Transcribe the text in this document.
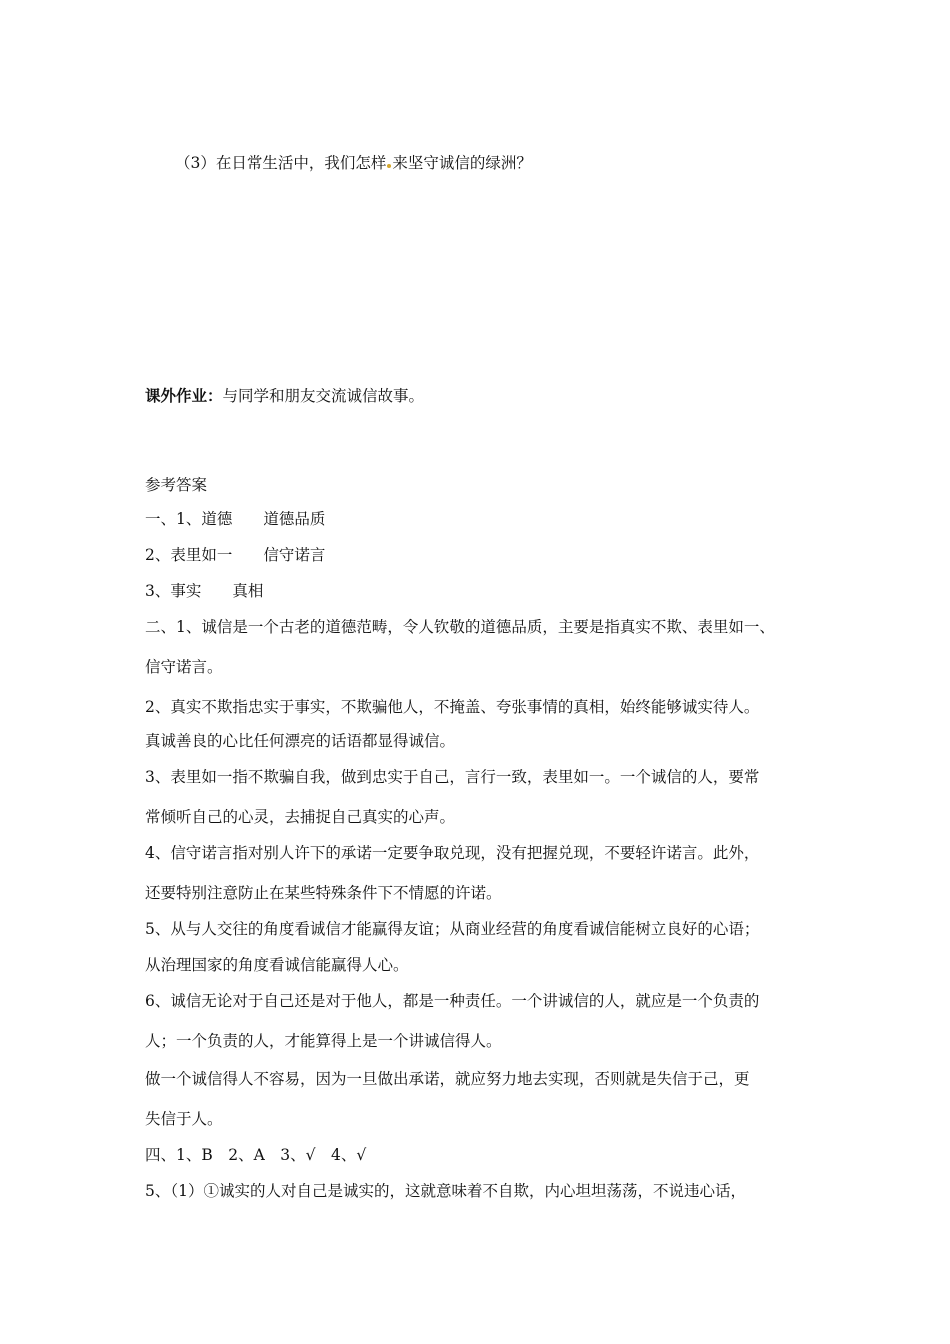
（3）在日常生活中，我们怎样 来坚守诚信的绿洲？
课外作业：与同学和朋友交流诚信故事。
参考答案
一、1、道德　　道德品质
2、表里如一　　信守诺言
3、事实　　真相
二、1、诚信是一个古老的道德范畴，令人钦敬的道德品质，主要是指真实不欺、表里如一、
信守诺言。
2、真实不欺指忠实于事实，不欺骗他人，不掩盖、夸张事情的真相，始终能够诚实待人。
真诚善良的心比任何漂亮的话语都显得诚信。
3、表里如一指不欺骗自我，做到忠实于自己，言行一致，表里如一。一个诚信的人，要常
常倾听自己的心灵，去捕捉自己真实的心声。
4、信守诺言指对别人许下的承诺一定要争取兑现，没有把握兑现，不要轻许诺言。此外，
还要特别注意防止在某些特殊条件下不情愿的许诺。
5、从与人交往的角度看诚信才能赢得友谊；从商业经营的角度看诚信能树立良好的心语；
从治理国家的角度看诚信能赢得人心。
6、诚信无论对于自己还是对于他人，都是一种责任。一个讲诚信的人，就应是一个负责的
人；一个负责的人，才能算得上是一个讲诚信得人。
做一个诚信得人不容易，因为一旦做出承诺，就应努力地去实现，否则就是失信于己，更
失信于人。
四、1、B　2、A　3、√　4、√
5、（1）①诚实的人对自己是诚实的，这就意味着不自欺，内心坦坦荡荡，不说违心话，
